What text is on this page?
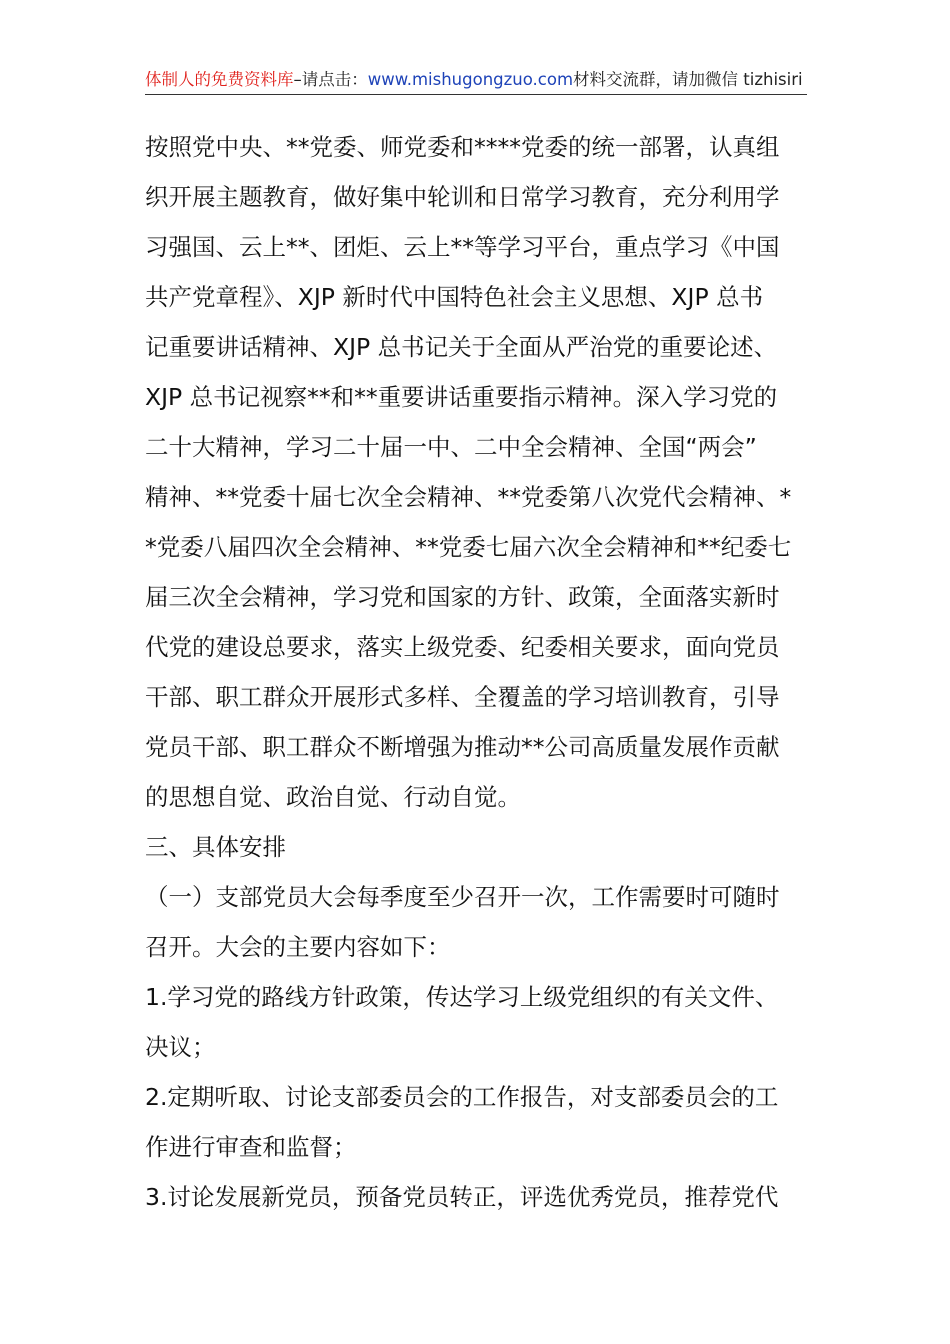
体制人的免费资料库–请点击：www.mishugongzuo.com材料交流群，请加微信 tizhisiri
按照党中央、**党委、师党委和****党委的统一部署，认真组
织开展主题教育，做好集中轮训和日常学习教育，充分利用学
习强国、云上**、团炬、云上**等学习平台，重点学习《中国
共产党章程》、XJP 新时代中国特色社会主义思想、XJP 总书
记重要讲话精神、XJP 总书记关于全面从严治党的重要论述、
XJP 总书记视察**和**重要讲话重要指示精神。深入学习党的
二十大精神，学习二十届一中、二中全会精神、全国“两会”
精神、**党委十届七次全会精神、**党委第八次党代会精神、*
*党委八届四次全会精神、**党委七届六次全会精神和**纪委七
届三次全会精神，学习党和国家的方针、政策，全面落实新时
代党的建设总要求，落实上级党委、纪委相关要求，面向党员
干部、职工群众开展形式多样、全覆盖的学习培训教育，引导
党员干部、职工群众不断增强为推动**公司高质量发展作贡献
的思想自觉、政治自觉、行动自觉。
三、具体安排
（一）支部党员大会每季度至少召开一次，工作需要时可随时
召开。大会的主要内容如下：
1.学习党的路线方针政策，传达学习上级党组织的有关文件、
决议；
2.定期听取、讨论支部委员会的工作报告，对支部委员会的工
作进行审查和监督；
3.讨论发展新党员，预备党员转正，评选优秀党员，推荐党代
